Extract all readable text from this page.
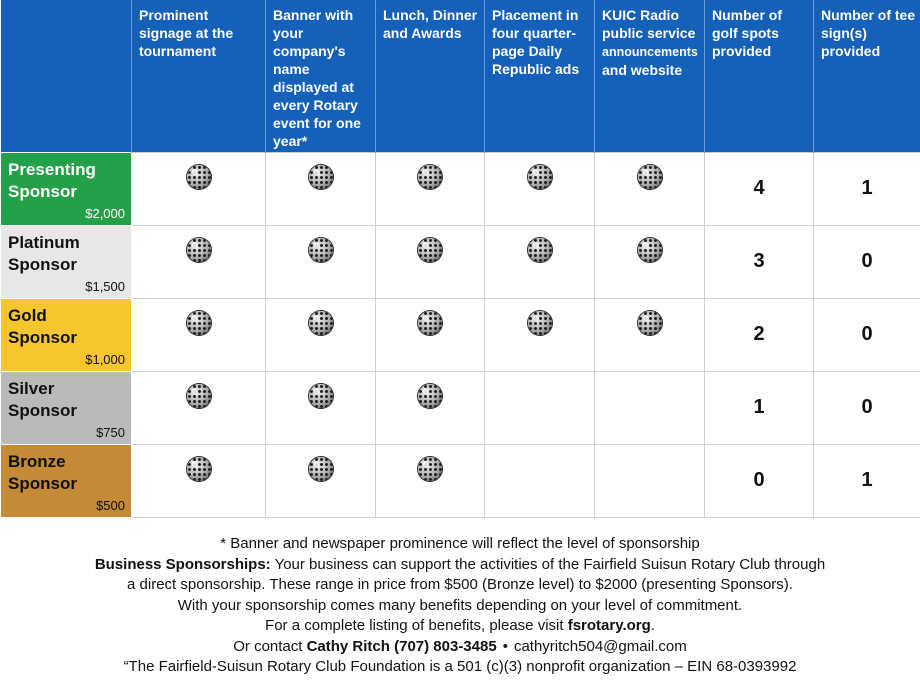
	Prominent signage at the tournament	Banner with your company's name displayed at every Rotary event for one year*	Lunch, Dinner and Awards	Placement in four quarter-page Daily Republic ads	KUIC Radio public service
announcements
and website	Number of golf spots provided	Number of tee sign(s) provided

Presenting
Sponsor
$2,000						4	1

Platinum
Sponsor
$1,500						3	0

Gold
Sponsor
$1,000						2	0

Silver
Sponsor
$750						1	0

Bronze
Sponsor
$500						0	1

* Banner and newspaper prominence will reflect the level of sponsorship

Business Sponsorships: Your business can support the activities of the Fairfield Suisun Rotary Club through

a direct sponsorship. These range in price from $500 (Bronze level) to $2000 (presenting Sponsors).

With your sponsorship comes many benefits depending on your level of commitment.

For a complete listing of benefits, please visit fsrotary.org.

Or contact Cathy Ritch (707) 803-3485 • cathyritch504@gmail.com

“The Fairfield-Suisun Rotary Club Foundation is a 501 (c)(3) nonprofit organization – EIN 68-0393992
